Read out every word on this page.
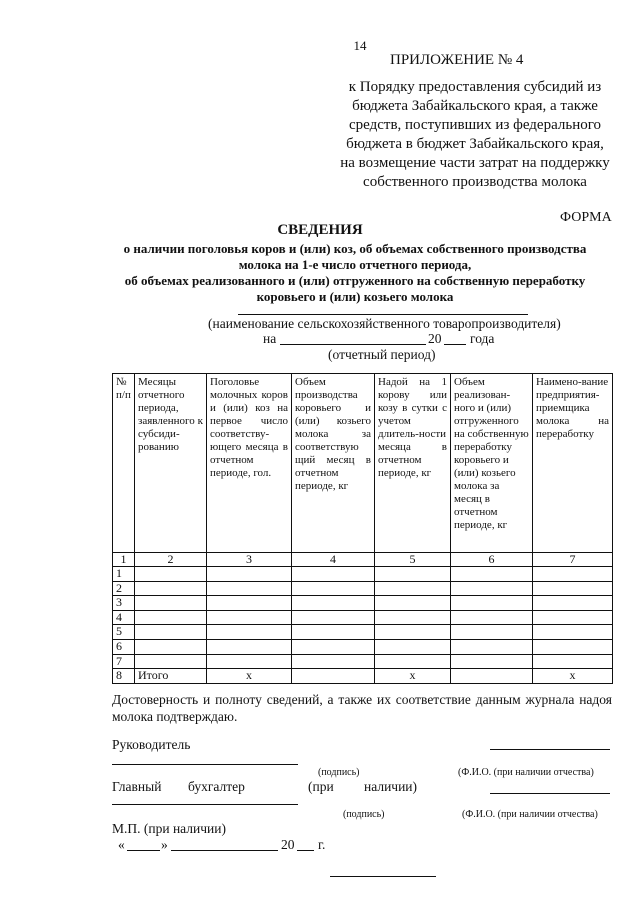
14
ПРИЛОЖЕНИЕ № 4
к Порядку предоставления субсидий из
бюджета Забайкальского края, а также
средств, поступивших из федерального
бюджета в бюджет Забайкальского края,
на возмещение части затрат на поддержку
собственного производства молока
ФОРМА
СВЕДЕНИЯ
о наличии поголовья коров и (или) коз, об объемах собственного производства
молока на 1-е число отчетного периода,
об объемах реализованного и (или) отгруженного на собственную переработку
коровьего и (или) козьего молока
(наименование сельскохозяйственного товаропроизводителя)
на	20 года
(отчетный период)
№ п/п	Месяцы отчетного периода, заявленного к субсиди-рованию	Поголовье молочных коров и (или) коз на первое число соответству-ющего месяца в отчетном периоде, гол.	Объем производства коровьего и (или) козьего молока за соответствую щий месяц в отчетном периоде, кг	Надой на 1 корову или козу в сутки с учетом длитель-ности месяца в отчетном периоде, кг	Объем реализован-ного и (или) отгруженного на собственную переработку коровьего и (или) козьего молока за месяц в отчетном периоде, кг	Наимено-вание предприятия-приемщика молока на переработку
1	2	3	4	5	6	7
1						
2						
3						
4						
5						
6						
7						
8	Итого	х		х		х
Достоверность и полноту сведений, а также их соответствие данным журнала надоя молока подтверждаю.
Руководитель
(подпись)	(Ф.И.О. (при наличии отчества)
Главный бухгалтер	(при наличии)
(подпись)	(Ф.И.О. (при наличии отчества)
М.П. (при наличии)
«	»	20 г.
